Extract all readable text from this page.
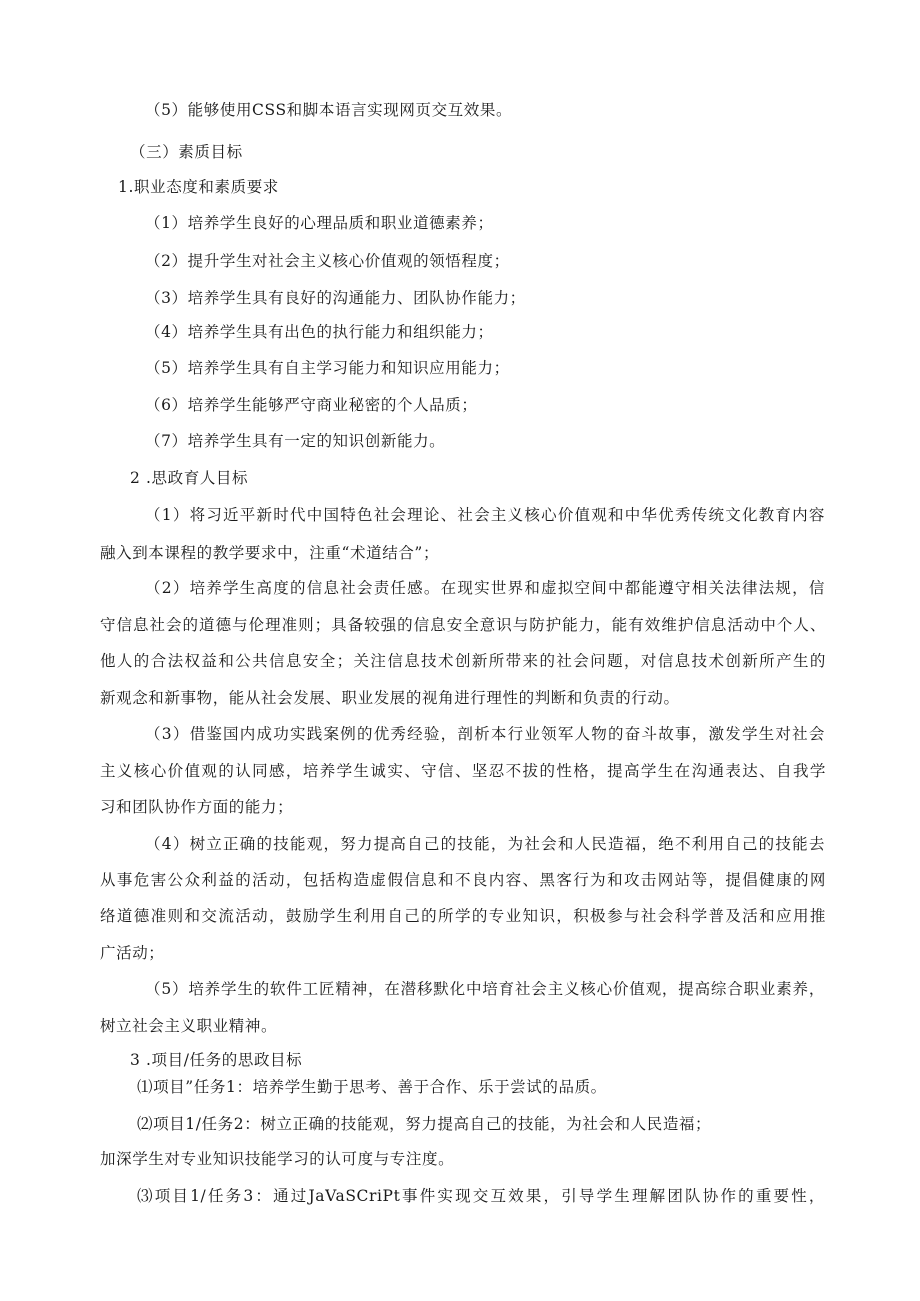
（5）能够使用CSS和脚本语言实现网页交互效果。
（三）素质目标
1.职业态度和素质要求
（1）培养学生良好的心理品质和职业道德素养；
（2）提升学生对社会主义核心价值观的领悟程度；
（3）培养学生具有良好的沟通能力、团队协作能力；
（4）培养学生具有出色的执行能力和组织能力；
（5）培养学生具有自主学习能力和知识应用能力；
（6）培养学生能够严守商业秘密的个人品质；
（7）培养学生具有一定的知识创新能力。
2 .思政育人目标
（1）将习近平新时代中国特色社会理论、社会主义核心价值观和中华优秀传统文化教育内容
融入到本课程的教学要求中，注重“术道结合”；
（2）培养学生高度的信息社会责任感。在现实世界和虚拟空间中都能遵守相关法律法规，信
守信息社会的道德与伦理准则；具备较强的信息安全意识与防护能力，能有效维护信息活动中个人、
他人的合法权益和公共信息安全；关注信息技术创新所带来的社会问题，对信息技术创新所产生的
新观念和新事物，能从社会发展、职业发展的视角进行理性的判断和负责的行动。
（3）借鉴国内成功实践案例的优秀经验，剖析本行业领军人物的奋斗故事，激发学生对社会
主义核心价值观的认同感，培养学生诚实、守信、坚忍不拔的性格，提高学生在沟通表达、自我学
习和团队协作方面的能力；
（4）树立正确的技能观，努力提高自己的技能，为社会和人民造福，绝不利用自己的技能去
从事危害公众利益的活动，包括构造虚假信息和不良内容、黑客行为和攻击网站等，提倡健康的网
络道德准则和交流活动，鼓励学生利用自己的所学的专业知识，积极参与社会科学普及活和应用推
广活动；
（5）培养学生的软件工匠精神，在潜移默化中培育社会主义核心价值观，提高综合职业素养，
树立社会主义职业精神。
3 .项目/任务的思政目标
⑴项目”任务1：培养学生勤于思考、善于合作、乐于尝试的品质。
⑵项目1/任务2：树立正确的技能观，努力提高自己的技能，为社会和人民造福；
加深学生对专业知识技能学习的认可度与专注度。
⑶项目1/任务3：通过JaVaSCriPt事件实现交互效果，引导学生理解团队协作的重要性，
